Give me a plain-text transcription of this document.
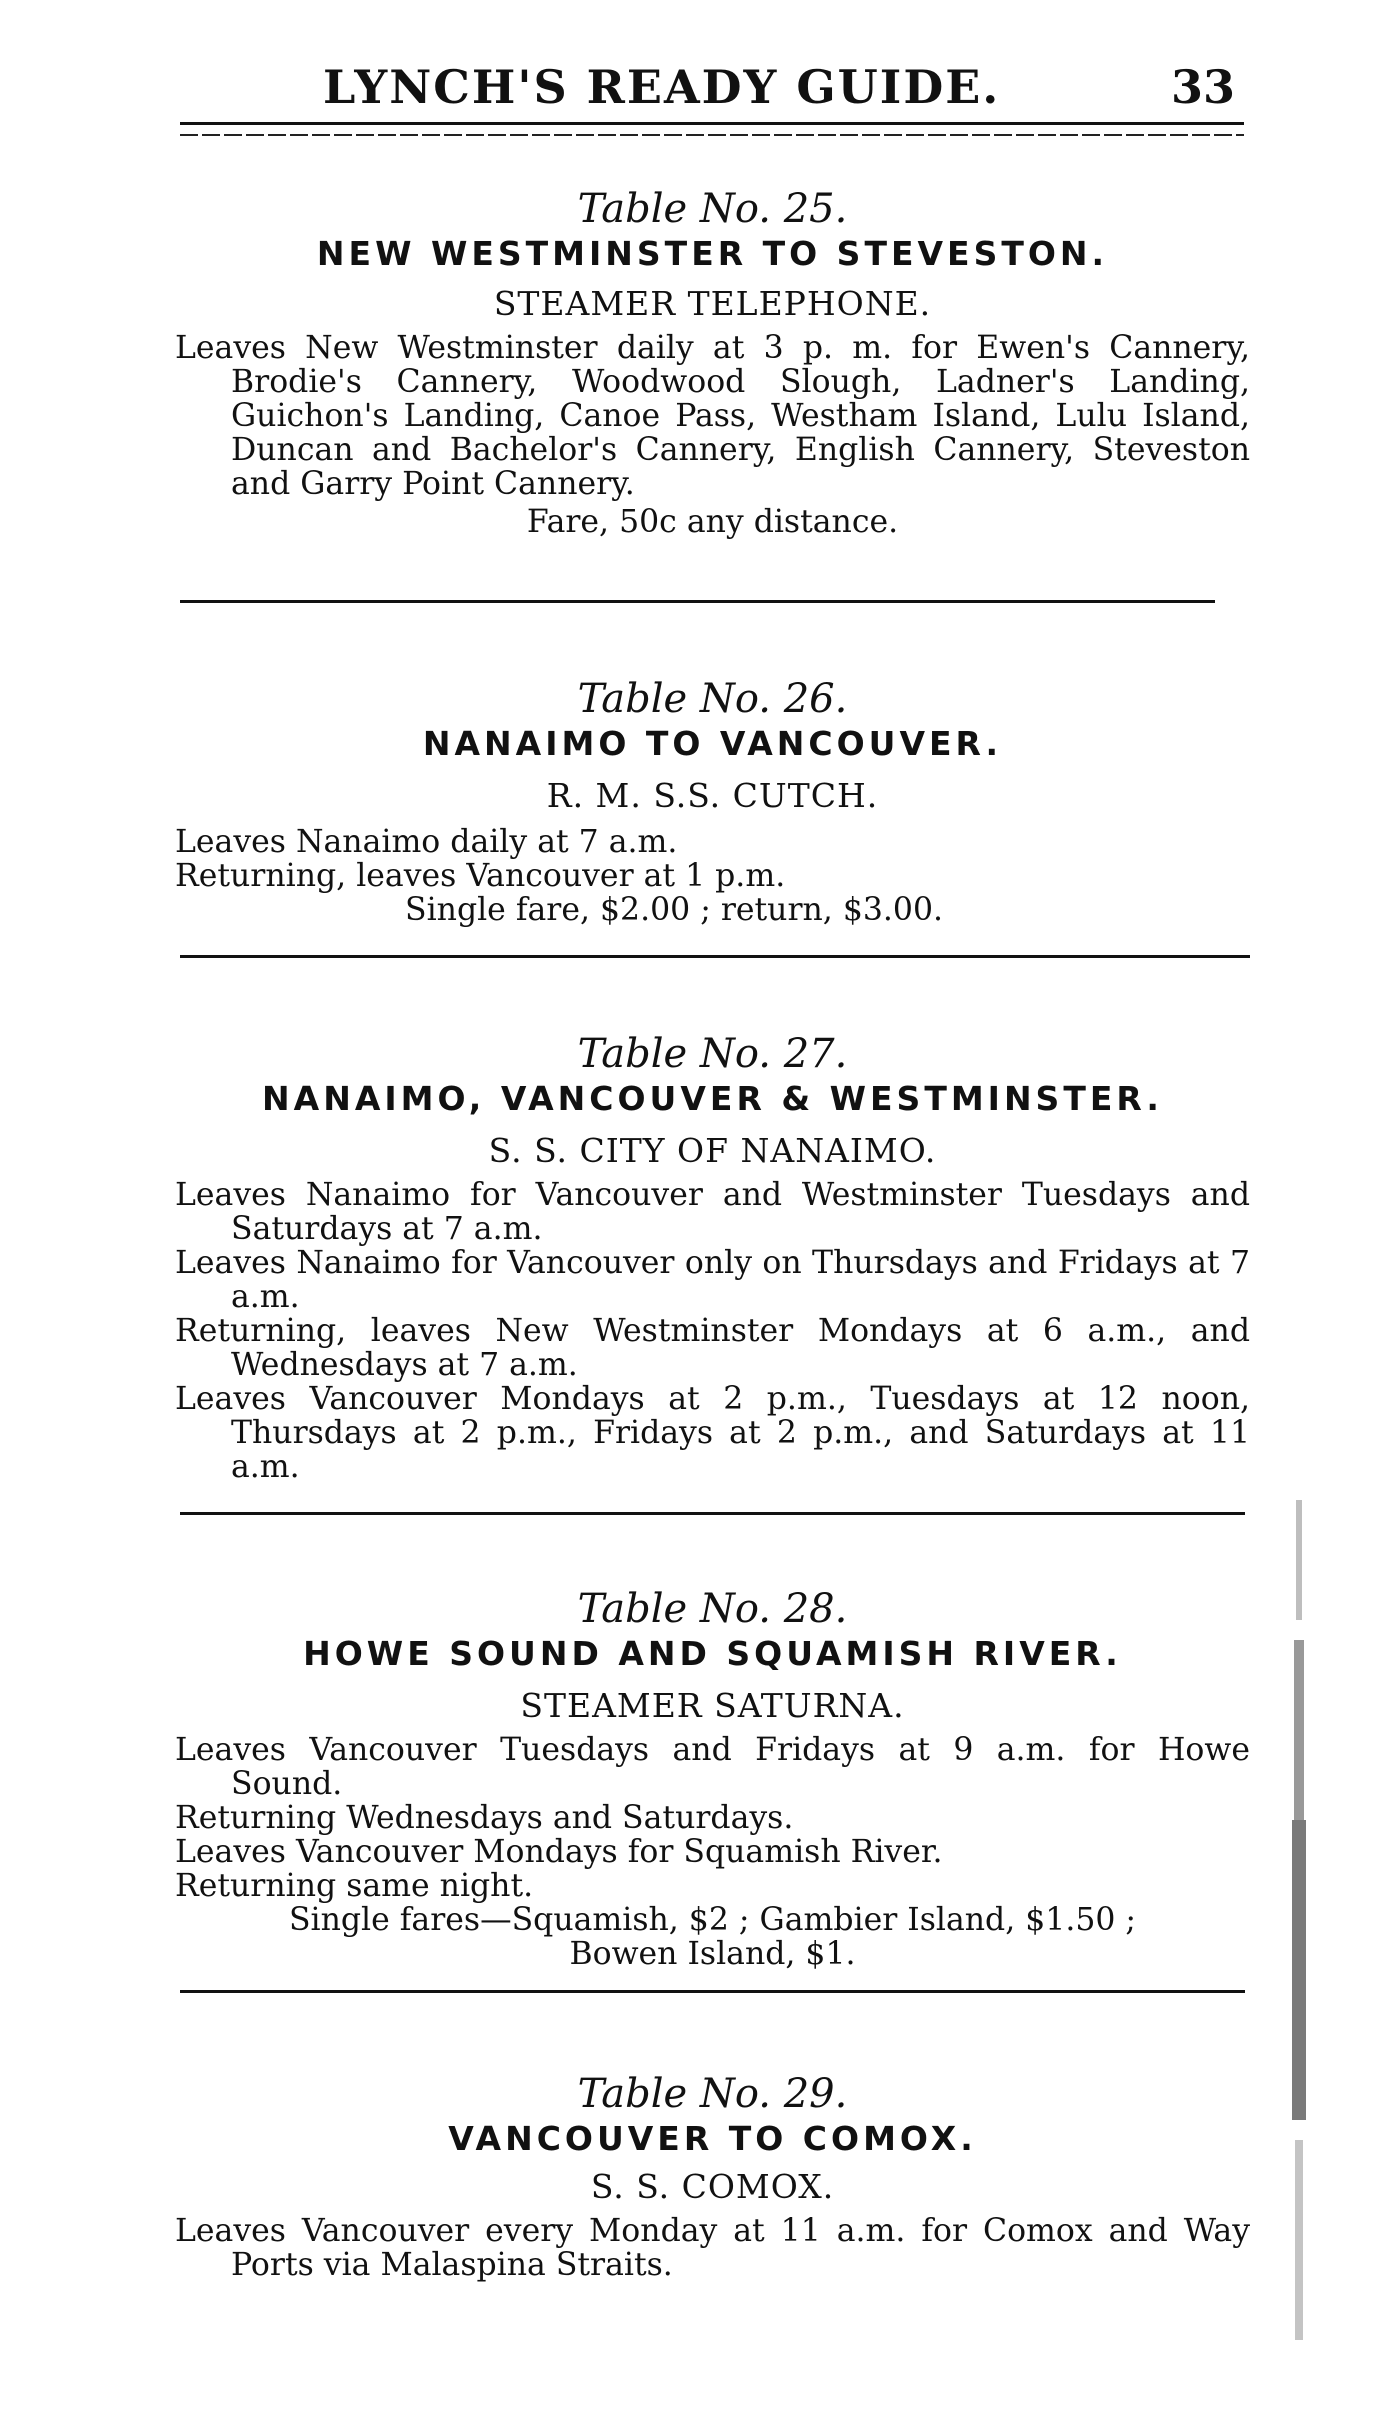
LYNCH'S READY GUIDE.	33

Table No. 25.

NEW WESTMINSTER TO STEVESTON.

STEAMER TELEPHONE.

Leaves New Westminster daily at 3 p. m. for Ewen's Cannery, Brodie's Cannery, Woodwood Slough, Ladner's Landing, Guichon's Landing, Canoe Pass, Westham Island, Lulu Island, Duncan and Bachelor's Cannery, English Cannery, Steveston and Garry Point Cannery.

Fare, 50c any distance.

Table No. 26.

NANAIMO TO VANCOUVER.

R. M. S.S. CUTCH.

Leaves Nanaimo daily at 7 a.m.

Returning, leaves Vancouver at 1 p.m.

Single fare, $2.00 ; return, $3.00.

Table No. 27.

NANAIMO, VANCOUVER & WESTMINSTER.

S. S. CITY OF NANAIMO.

Leaves Nanaimo for Vancouver and Westminster Tuesdays and Saturdays at 7 a.m.

Leaves Nanaimo for Vancouver only on Thursdays and Fridays at 7 a.m.

Returning, leaves New Westminster Mondays at 6 a.m., and Wednesdays at 7 a.m.

Leaves Vancouver Mondays at 2 p.m., Tuesdays at 12 noon, Thursdays at 2 p.m., Fridays at 2 p.m., and Saturdays at 11 a.m.

Table No. 28.

HOWE SOUND AND SQUAMISH RIVER.

STEAMER SATURNA.

Leaves Vancouver Tuesdays and Fridays at 9 a.m. for Howe Sound.

Returning Wednesdays and Saturdays.

Leaves Vancouver Mondays for Squamish River.

Returning same night.

Single fares—Squamish, $2 ; Gambier Island, $1.50 ;

Bowen Island, $1.

Table No. 29.

VANCOUVER TO COMOX.

S. S. COMOX.

Leaves Vancouver every Monday at 11 a.m. for Comox and Way Ports via Malaspina Straits.
